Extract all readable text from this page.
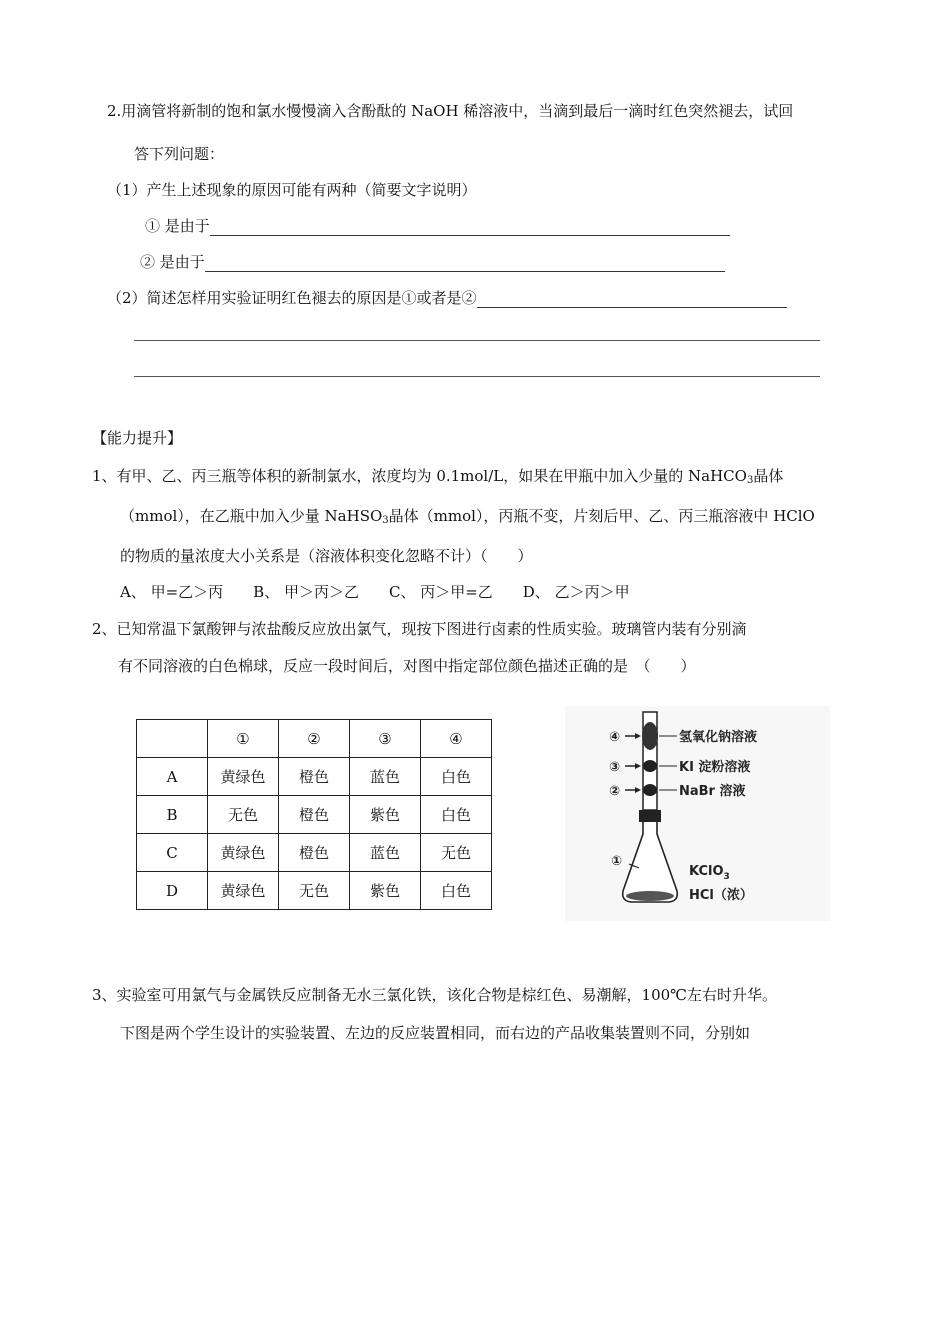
2.用滴管将新制的饱和氯水慢慢滴入含酚酞的 NaOH 稀溶液中，当滴到最后一滴时红色突然褪去，试回
答下列问题：
（1）产生上述现象的原因可能有两种（简要文字说明）
① 是由于
② 是由于
（2）简述怎样用实验证明红色褪去的原因是①或者是②
【能力提升】
1、有甲、乙、丙三瓶等体积的新制氯水，浓度均为 0.1mol/L，如果在甲瓶中加入少量的 NaHCO$_3$晶体
（mmol），在乙瓶中加入少量 NaHSO$_3$晶体（mmol），丙瓶不变，片刻后甲、乙、丙三瓶溶液中 HClO
的物质的量浓度大小关系是（溶液体积变化忽略不计）（　　）
A、 甲=乙＞丙　　B、 甲＞丙＞乙　　C、 丙＞甲=乙　　D、 乙＞丙＞甲
2、已知常温下氯酸钾与浓盐酸反应放出氯气，现按下图进行卤素的性质实验。玻璃管内装有分别滴
有不同溶液的白色棉球，反应一段时间后，对图中指定部位颜色描述正确的是　（　　）
	①	②	③	④
A	黄绿色	橙色	蓝色	白色
B	无色	橙色	紫色	白色
C	黄绿色	橙色	蓝色	无色
D	黄绿色	无色	紫色	白色
④
③
②
①
氢氧化钠溶液
KI 淀粉溶液
NaBr 溶液
KClO$_3$
HCl（浓）
3、实验室可用氯气与金属铁反应制备无水三氯化铁，该化合物是棕红色、易潮解，100℃左右时升华。
下图是两个学生设计的实验装置、左边的反应装置相同，而右边的产品收集装置则不同，分别如
